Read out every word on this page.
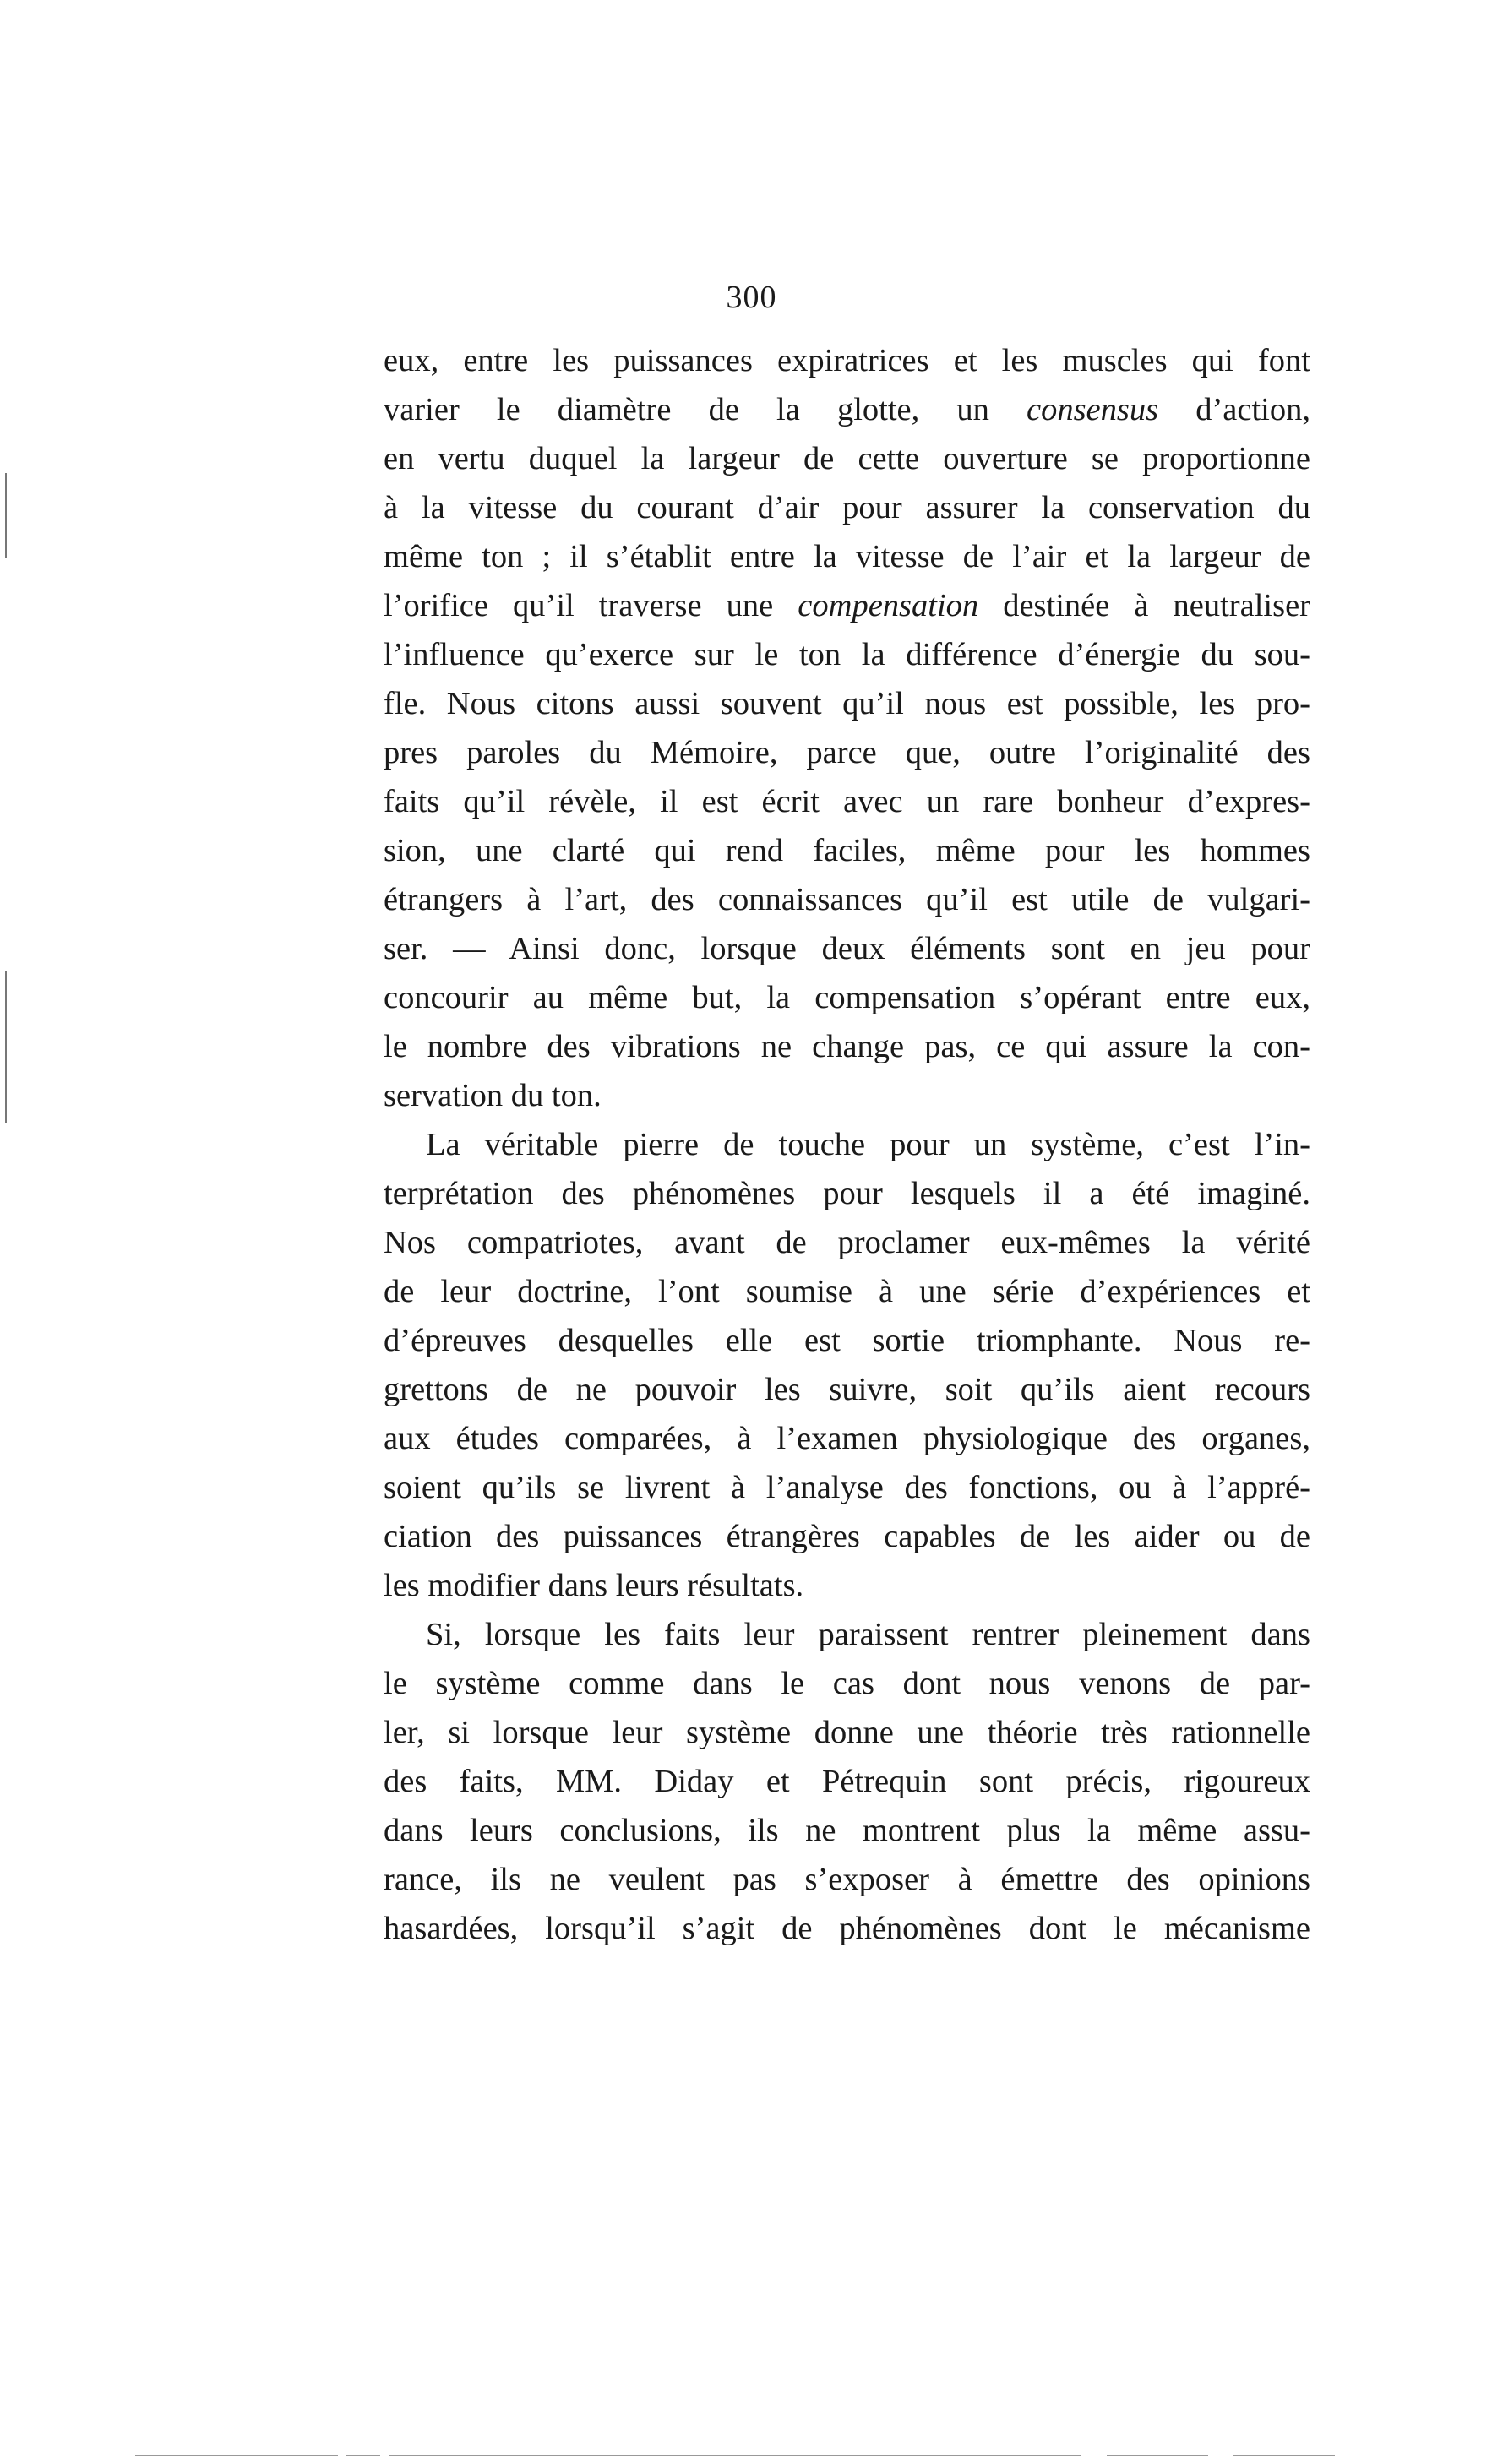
300
eux, entre les puissances expiratrices et les muscles qui font
varier le diamètre de la glotte, un consensus d’action,
en vertu duquel la largeur de cette ouverture se proportionne
à la vitesse du courant d’air pour assurer la conservation du
même ton ; il s’établit entre la vitesse de l’air et la largeur de
l’orifice qu’il traverse une compensation destinée à neutraliser
l’influence qu’exerce sur le ton la différence d’énergie du sou-
fle. Nous citons aussi souvent qu’il nous est possible, les pro-
pres paroles du Mémoire, parce que, outre l’originalité des
faits qu’il révèle, il est écrit avec un rare bonheur d’expres-
sion, une clarté qui rend faciles, même pour les hommes
étrangers à l’art, des connaissances qu’il est utile de vulgari-
ser. — Ainsi donc, lorsque deux éléments sont en jeu pour
concourir au même but, la compensation s’opérant entre eux,
le nombre des vibrations ne change pas, ce qui assure la con-
servation du ton.
La véritable pierre de touche pour un système, c’est l’in-
terprétation des phénomènes pour lesquels il a été imaginé.
Nos compatriotes, avant de proclamer eux-mêmes la vérité
de leur doctrine, l’ont soumise à une série d’expériences et
d’épreuves desquelles elle est sortie triomphante. Nous re-
grettons de ne pouvoir les suivre, soit qu’ils aient recours
aux études comparées, à l’examen physiologique des organes,
soient qu’ils se livrent à l’analyse des fonctions, ou à l’appré-
ciation des puissances étrangères capables de les aider ou de
les modifier dans leurs résultats.
Si, lorsque les faits leur paraissent rentrer pleinement dans
le système comme dans le cas dont nous venons de par-
ler, si lorsque leur système donne une théorie très rationnelle
des faits, MM. Diday et Pétrequin sont précis, rigoureux
dans leurs conclusions, ils ne montrent plus la même assu-
rance, ils ne veulent pas s’exposer à émettre des opinions
hasardées, lorsqu’il s’agit de phénomènes dont le mécanisme
